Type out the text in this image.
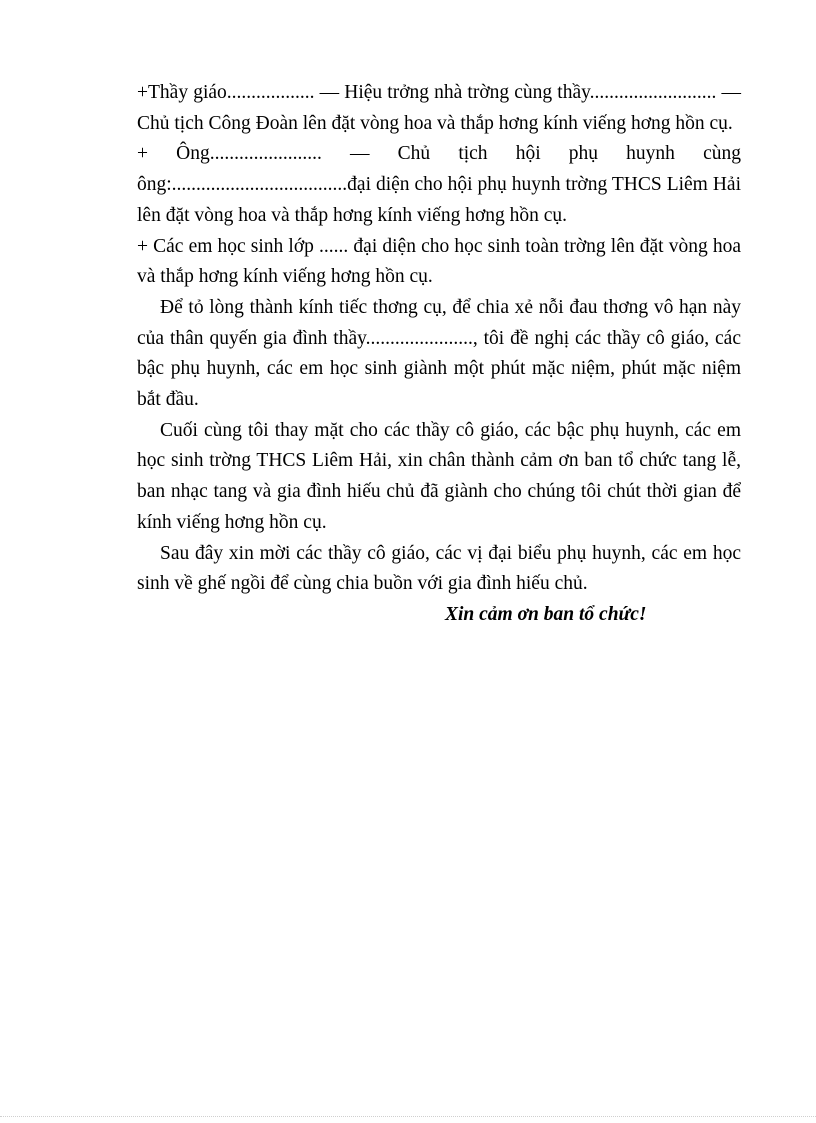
+Thầy giáo.................. — Hiệu trởng nhà trờng cùng thầy.......................... — Chủ tịch Công Đoàn lên đặt vòng hoa và thắp hơng kính viếng hơng hồn cụ.

+ Ông....................... — Chủ tịch hội phụ huynh cùng ông:....................................đại diện cho hội phụ huynh trờng THCS Liêm Hải lên đặt vòng hoa và thắp hơng kính viếng hơng hồn cụ.

+ Các em học sinh lớp ...... đại diện cho học sinh toàn trờng lên đặt vòng hoa và thắp hơng kính viếng hơng hồn cụ.

Để tỏ lòng thành kính tiếc thơng cụ, để chia xẻ nỗi đau thơng vô hạn này của thân quyến gia đình thầy......................, tôi đề nghị các thầy cô giáo, các bậc phụ huynh, các em học sinh giành một phút mặc niệm, phút mặc niệm bắt đầu.

Cuối cùng tôi thay mặt cho các thầy cô giáo, các bậc phụ huynh, các em học sinh trờng THCS Liêm Hải, xin chân thành cảm ơn ban tổ chức tang lễ, ban nhạc tang và gia đình hiếu chủ đã giành cho chúng tôi chút thời gian để kính viếng hơng hồn cụ.

Sau đây xin mời các thầy cô giáo, các vị đại biểu phụ huynh, các em học sinh về ghế ngồi để cùng chia buồn với gia đình hiếu chủ.

Xin cảm ơn ban tổ chức!
